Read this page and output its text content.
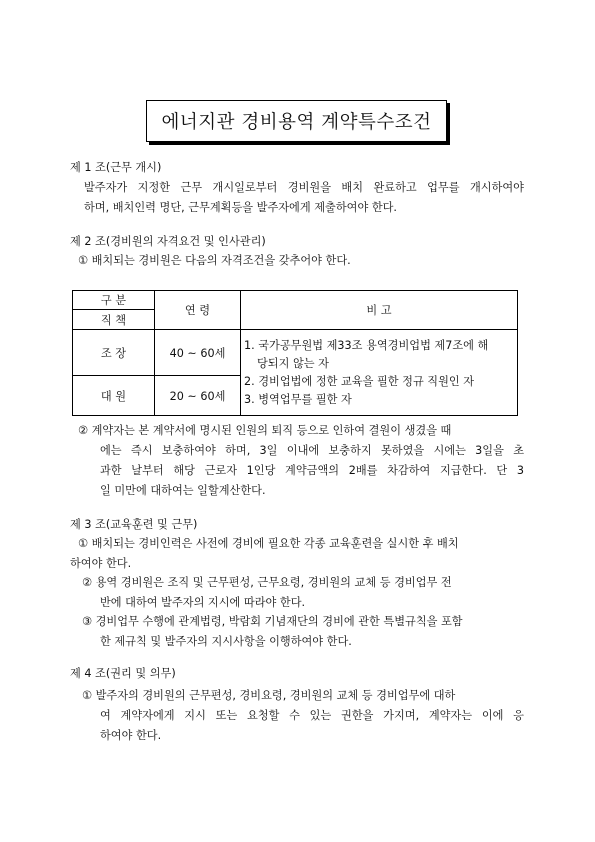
에너지관 경비용역 계약특수조건
제 1 조(근무 개시)
발주자가 지정한 근무 개시일로부터 경비원을 배치 완료하고 업무를 개시하여야
하며, 배치인력 명단, 근무계획등을 발주자에게 제출하여야 한다.
제 2 조(경비원의 자격요건 및 인사관리)
① 배치되는 경비원은 다음의 자격조건을 갖추어야 한다.
구 분	연 령	비 고
직 책		
조 장	40 ~ 60세	1. 국가공무원법 제33조 용역경비업법 제7조에 해
당되지 않는 자
2. 경비업법에 정한 교육을 필한 정규 직원인 자
3. 병역업무를 필한 자

대 원	20 ~ 60세	
② 계약자는 본 계약서에 명시된 인원의 퇴직 등으로 인하여 결원이 생겼을 때
에는 즉시 보충하여야 하며, 3일 이내에 보충하지 못하였을 시에는 3일을 초
과한 날부터 해당 근로자 1인당 계약금액의 2배를 차감하여 지급한다. 단 3
일 미만에 대하여는 일할계산한다.
제 3 조(교육훈련 및 근무)
① 배치되는 경비인력은 사전에 경비에 필요한 각종 교육훈련을 실시한 후 배치
하여야 한다.
② 용역 경비원은 조직 및 근무편성, 근무요령, 경비원의 교체 등 경비업무 전
반에 대하여 발주자의 지시에 따라야 한다.
③ 경비업무 수행에 관계법령, 박람회 기념재단의 경비에 관한 특별규칙을 포함
한 제규칙 및 발주자의 지시사항을 이행하여야 한다.
제 4 조(권리 및 의무)
① 발주자의 경비원의 근무편성, 경비요령, 경비원의 교체 등 경비업무에 대하
여 계약자에게 지시 또는 요청할 수 있는 권한을 가지며, 계약자는 이에 응
하여야 한다.
